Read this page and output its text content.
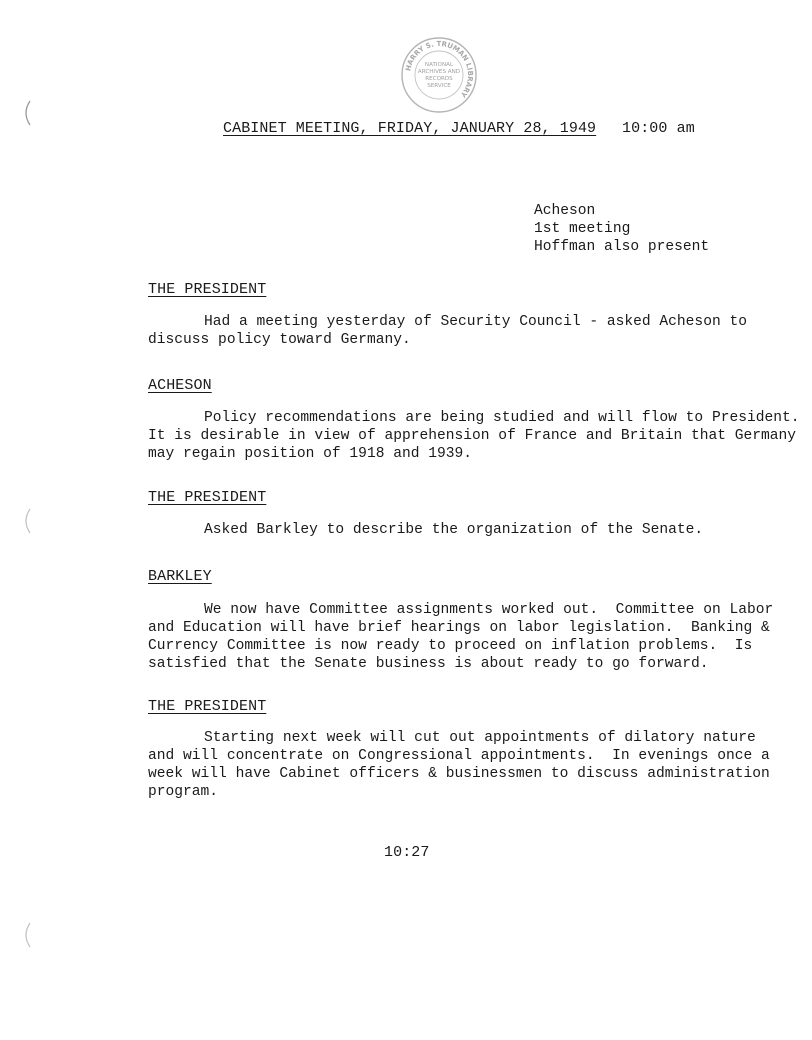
HARRY S. TRUMAN LIBRARY
NATIONAL
ARCHIVES AND
RECORDS
SERVICE
CABINET MEETING, FRIDAY, JANUARY 28, 1949 10:00 am
Acheson
1st meeting
Hoffman also present
THE PRESIDENT
Had a meeting yesterday of Security Council - asked Acheson to
discuss policy toward Germany.
ACHESON
Policy recommendations are being studied and will flow to President.
It is desirable in view of apprehension of France and Britain that Germany
may regain position of 1918 and 1939.
THE PRESIDENT
Asked Barkley to describe the organization of the Senate.
BARKLEY
We now have Committee assignments worked out.  Committee on Labor
and Education will have brief hearings on labor legislation.  Banking &
Currency Committee is now ready to proceed on inflation problems.  Is
satisfied that the Senate business is about ready to go forward.
THE PRESIDENT
Starting next week will cut out appointments of dilatory nature
and will concentrate on Congressional appointments.  In evenings once a
week will have Cabinet officers & businessmen to discuss administration
program.
10:27
